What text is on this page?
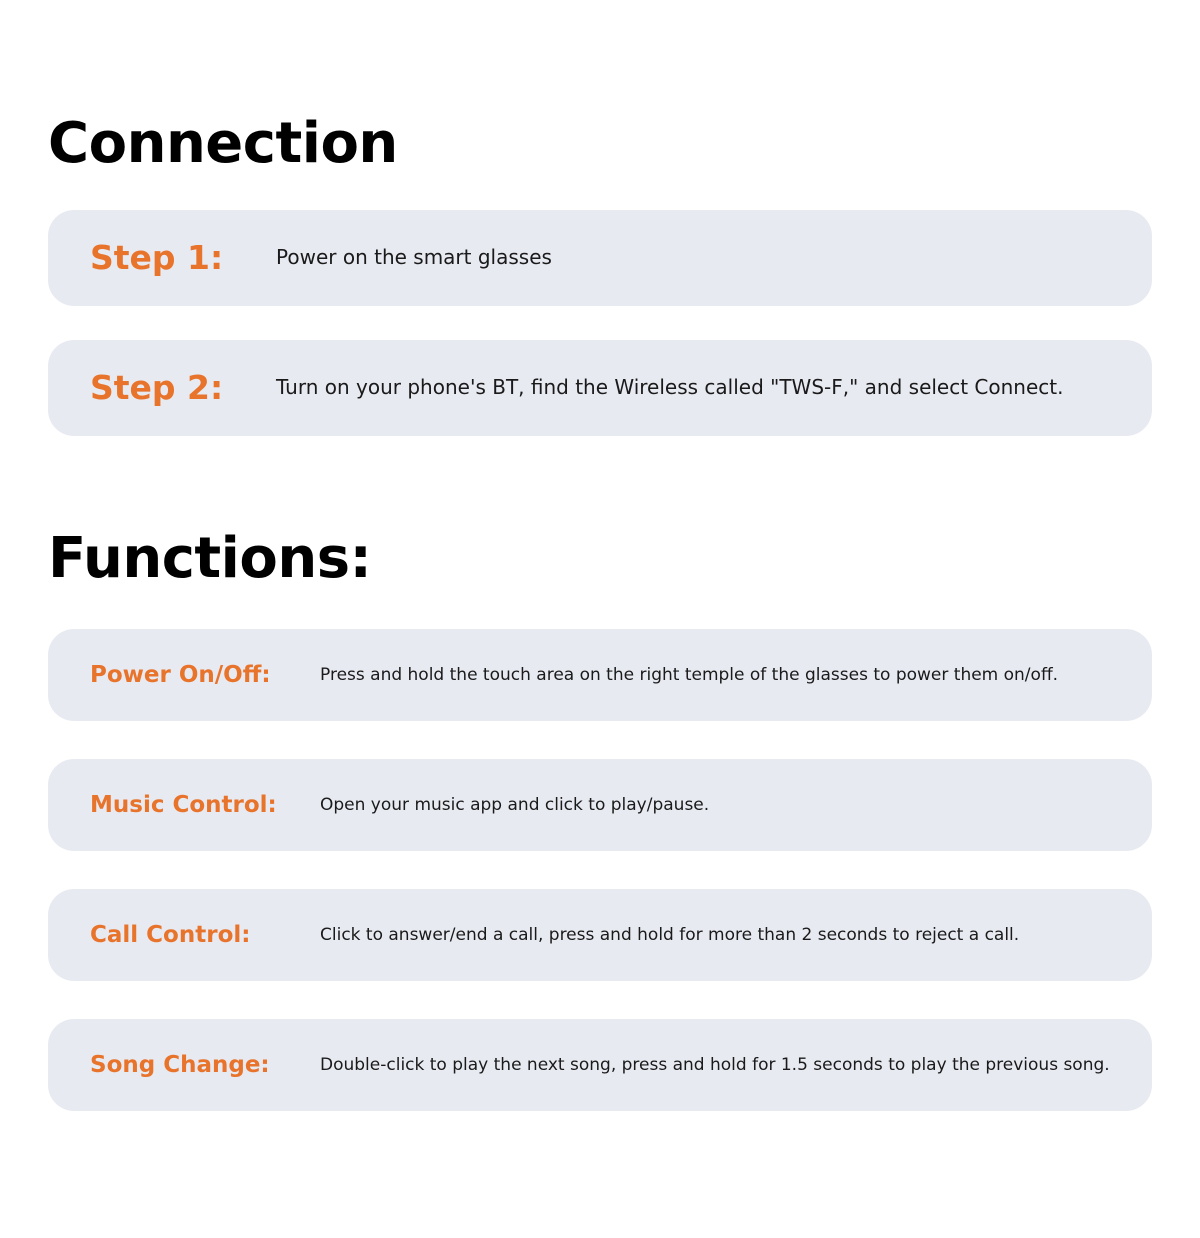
Connection
Step 1:	Power on the smart glasses
Step 2:	Turn on your phone's BT, find the Wireless called "TWS-F," and select Connect.
Functions:
Power On/Off:	Press and hold the touch area on the right temple of the glasses to power them on/off.
Music Control:	Open your music app and click to play/pause.
Call Control:	Click to answer/end a call, press and hold for more than 2 seconds to reject a call.
Song Change:	Double-click to play the next song, press and hold for 1.5 seconds to play the previous song.
